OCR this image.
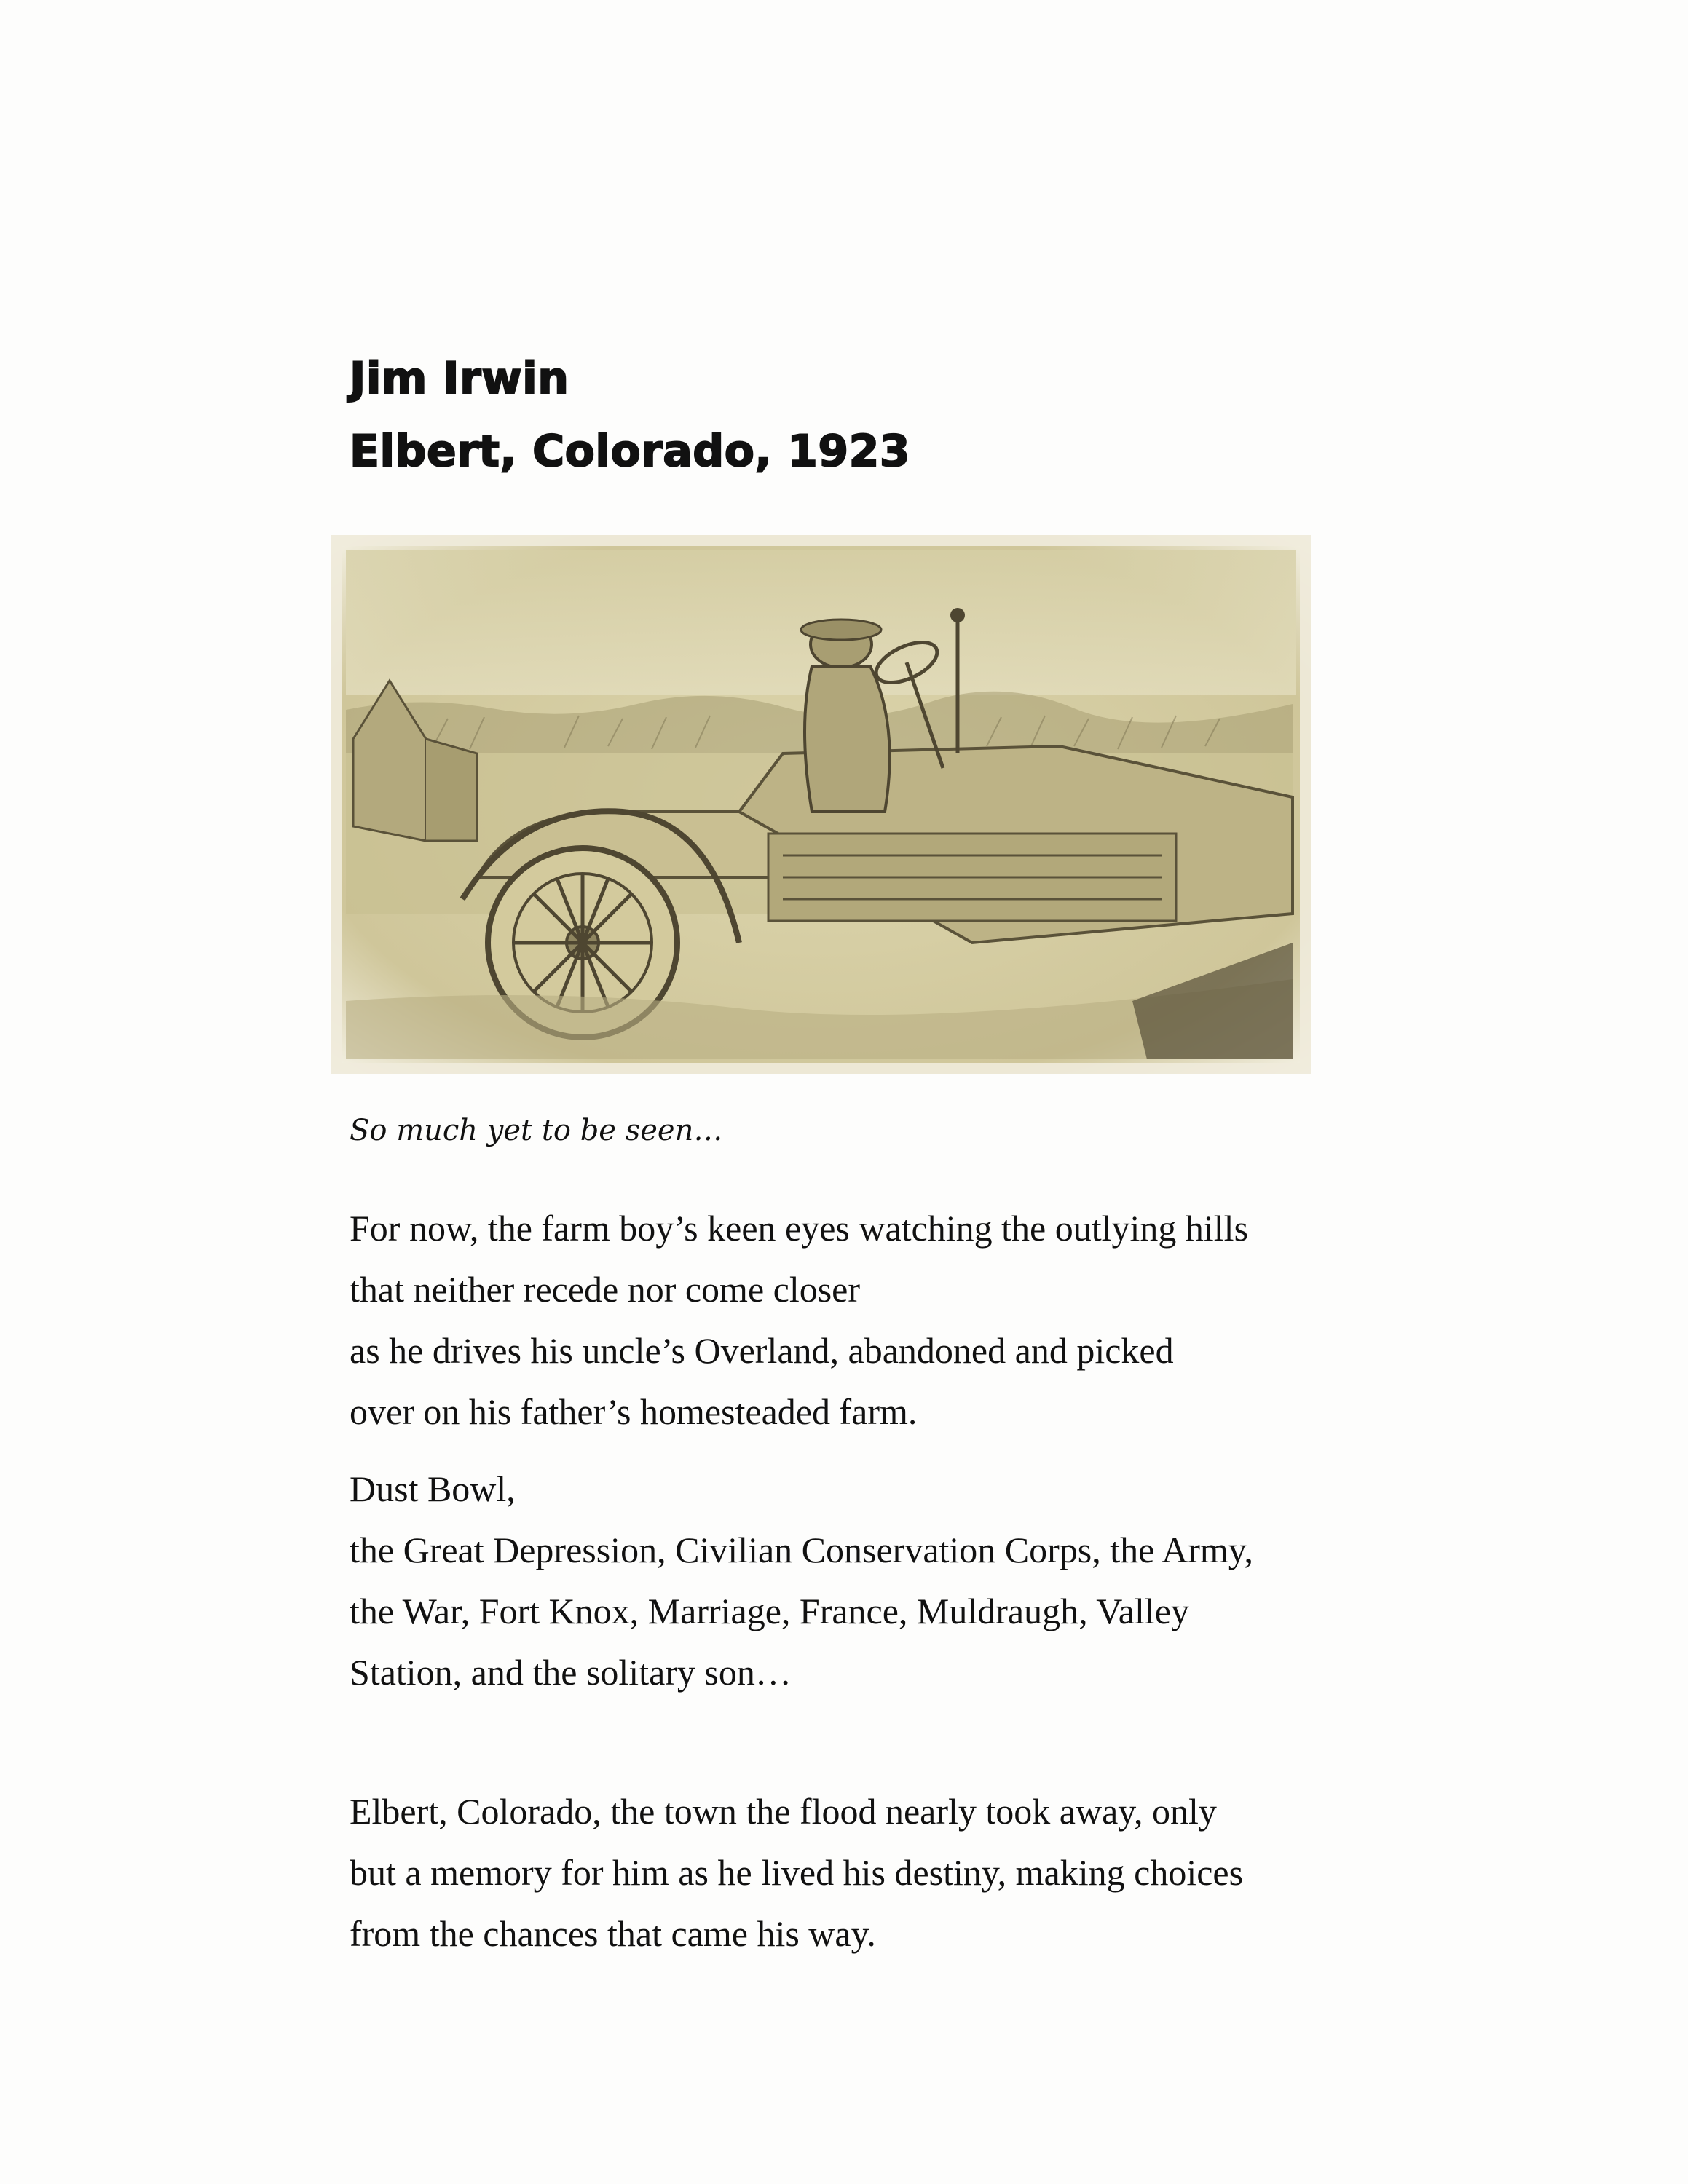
Jim Irwin
Elbert, Colorado, 1923
So much yet to be seen…
For now, the farm boy’s keen eyes watching the outlying hills
that neither recede nor come closer
as he drives his uncle’s Overland, abandoned and picked
over on his father’s homesteaded farm.
Dust Bowl,
the Great Depression, Civilian Conservation Corps, the Army,
the War, Fort Knox, Marriage, France, Muldraugh, Valley
Station, and the solitary son…
Elbert, Colorado, the town the flood nearly took away, only
but a memory for him as he lived his destiny, making choices
from the chances that came his way.
